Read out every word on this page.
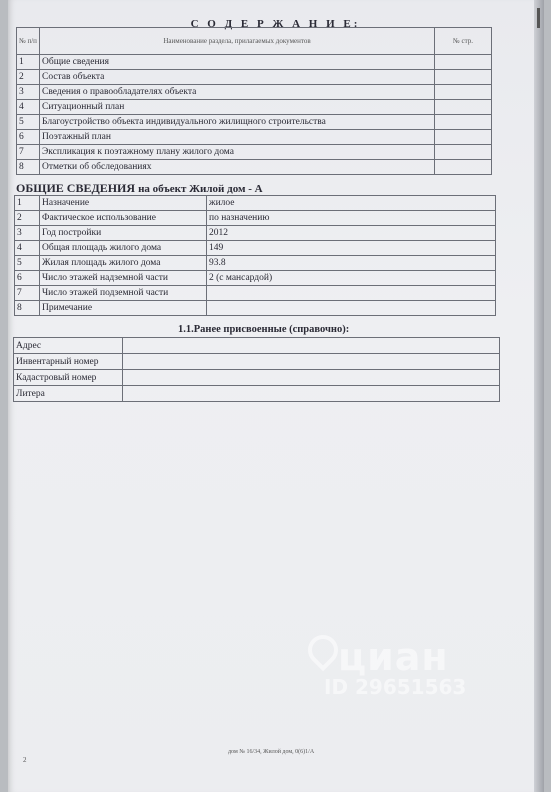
С О Д Е Р Ж А Н И Е:
№ п/п	Наименование раздела, прилагаемых документов	№ стр.
1	Общие сведения	
2	Состав объекта	
3	Сведения о правообладателях объекта	
4	Ситуационный план	
5	Благоустройство объекта индивидуального жилищного строительства	
6	Поэтажный план	
7	Экспликация к поэтажному плану жилого дома	
8	Отметки об обследованиях	
ОБЩИЕ СВЕДЕНИЯ на объект Жилой дом - А
1	Назначение	жилое
2	Фактическое использование	по назначению
3	Год постройки	2012
4	Общая площадь жилого дома	149
5	Жилая площадь жилого дома	93.8
6	Число этажей надземной части	2 (с мансардой)
7	Число этажей подземной части	
8	Примечание	
1.1.Ранее присвоенные (справочно):
Адрес	
Инвентарный номер	
Кадастровый номер	
Литера	
циан
ID 29651563
дом № 16/34, Жилой дом, 0(6)1/А
2
